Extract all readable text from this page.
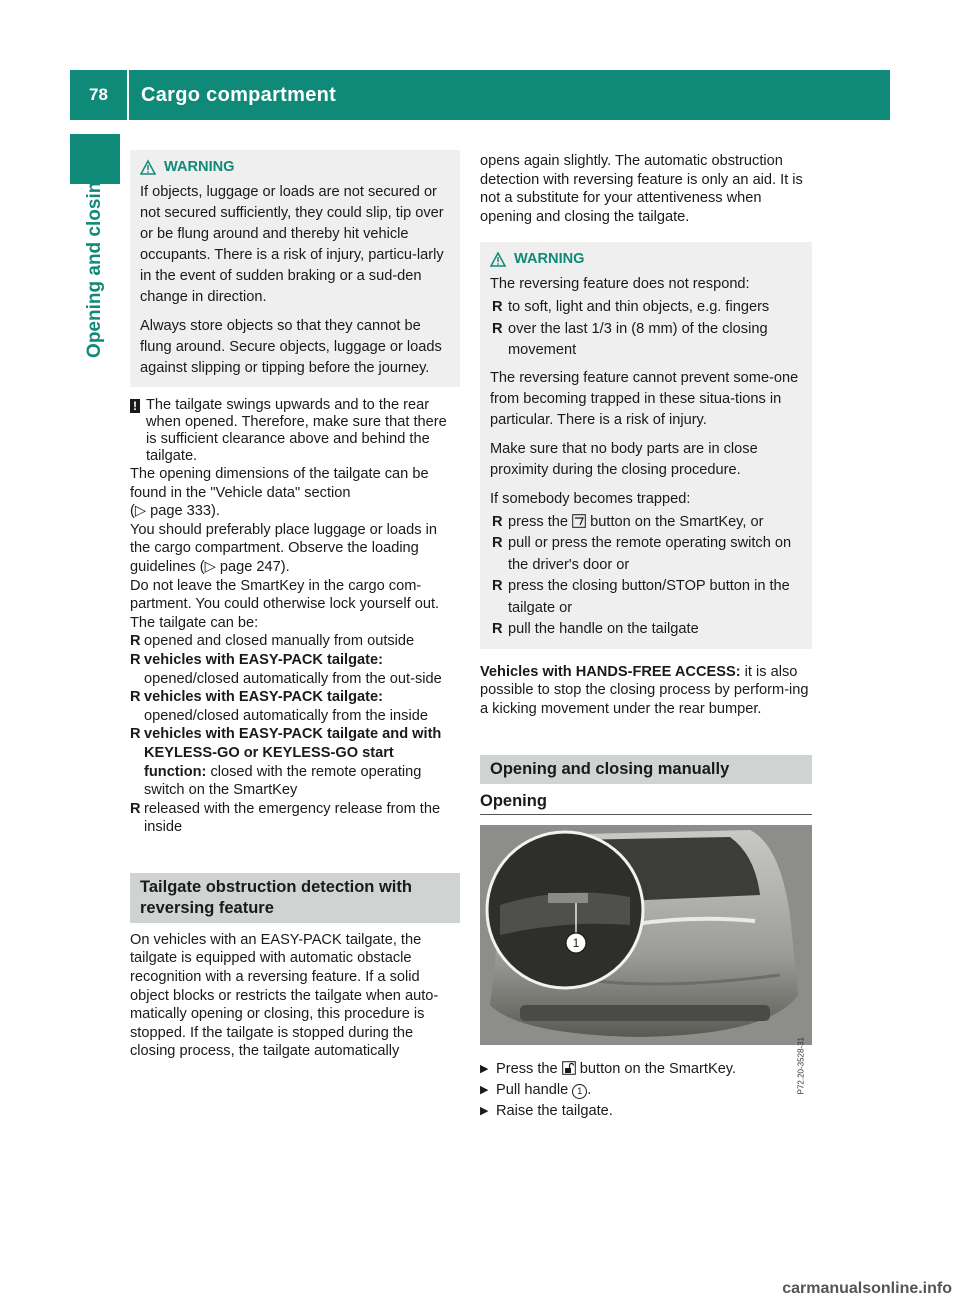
78	Cargo compartment
Opening and closing
WARNING

If objects, luggage or loads are not secured or not secured sufficiently, they could slip, tip over or be flung around and thereby hit vehicle occupants. There is a risk of injury, particu-larly in the event of sudden braking or a sud-den change in direction.

Always store objects so that they cannot be flung around. Secure objects, luggage or loads against slipping or tipping before the journey.

! The tailgate swings upwards and to the rear when opened. Therefore, make sure that there is sufficient clearance above and behind the tailgate.

The opening dimensions of the tailgate can be found in the "Vehicle data" section

(▷ page 333).

You should preferably place luggage or loads in the cargo compartment. Observe the loading guidelines (▷ page 247).

Do not leave the SmartKey in the cargo com-partment. You could otherwise lock yourself out.

The tailgate can be:

R opened and closed manually from outside
R vehicles with EASY-PACK tailgate:
opened/closed automatically from the out-side
R vehicles with EASY-PACK tailgate:
opened/closed automatically from the inside
R vehicles with EASY-PACK tailgate and with KEYLESS-GO or KEYLESS-GO start function: closed with the remote operating switch on the SmartKey
R released with the emergency release from the inside
Tailgate obstruction detection with reversing feature

On vehicles with an EASY-PACK tailgate, the tailgate is equipped with automatic obstacle recognition with a reversing feature. If a solid object blocks or restricts the tailgate when auto-matically opening or closing, this procedure is stopped. If the tailgate is stopped during the closing process, the tailgate automatically

opens again slightly. The automatic obstruction detection with reversing feature is only an aid. It is not a substitute for your attentiveness when opening and closing the tailgate.

WARNING

The reversing feature does not respond:

R to soft, light and thin objects, e.g. fingers
R over the last 1/3 in (8 mm) of the closing movement

The reversing feature cannot prevent some-one from becoming trapped in these situa-tions in particular. There is a risk of injury.

Make sure that no body parts are in close proximity during the closing procedure.

If somebody becomes trapped:

R press the button on the SmartKey, or
R pull or press the remote operating switch on the driver's door or
R press the closing button/STOP button in the tailgate or
R pull the handle on the tailgate

Vehicles with HANDS-FREE ACCESS: it is also possible to stop the closing process by perform-ing a kicking movement under the rear bumper.

Opening and closing manually
Opening
1
P72.20-3528-31
▶ Press the button on the SmartKey.
▶ Pull handle 1 .
▶ Raise the tailgate.
carmanualsonline.info
